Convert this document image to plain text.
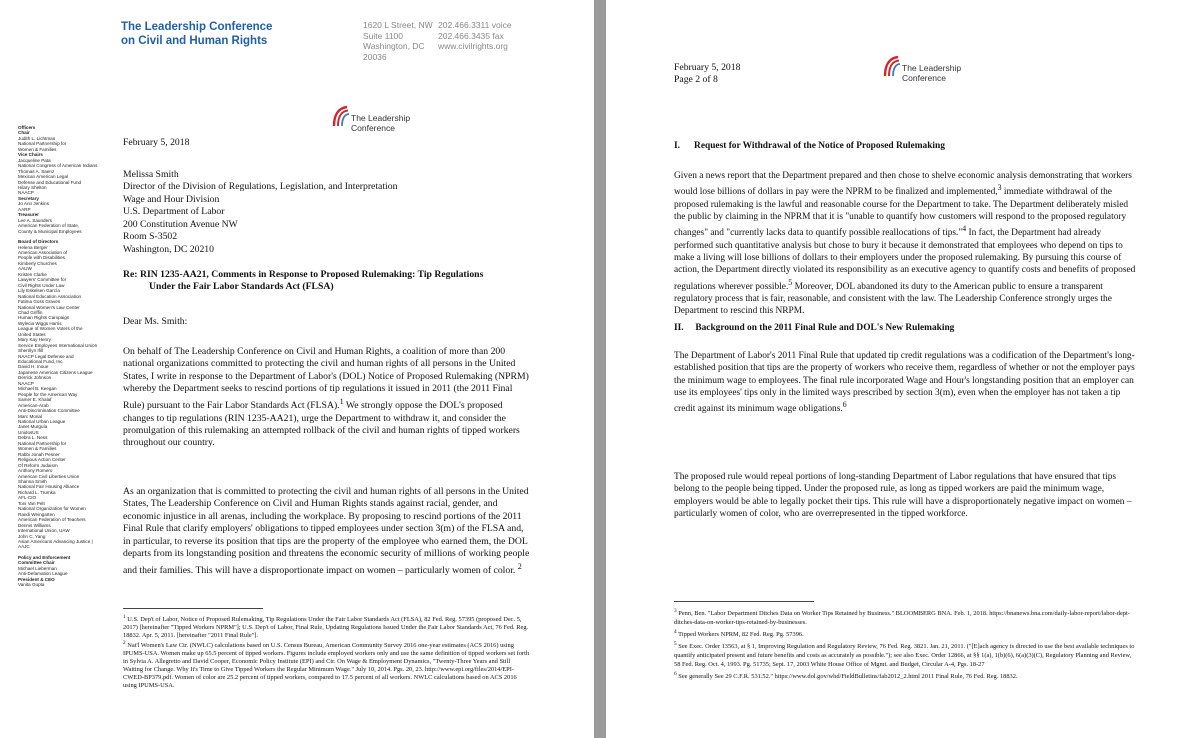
The Leadership Conference
on Civil and Human Rights
1620 L Street, NW
Suite 1100
Washington, DC
20036
202.466.3311 voice
202.466.3435 fax
www.civilrights.org
The Leadership
Conference
Officers
Chair
Judith L. Lichtman
National Partnership for
Women & Families
Vice Chairs
Jacqueline Pata
National Congress of American Indians
Thomas A. Saenz
Mexican American Legal
Defense and Educational Fund
Hilary Shelton
NAACP
Secretary
Jo Ann Jenkins
AARP
Treasurer
Lee A. Saunders
American Federation of State,
County & Municipal Employees
Board of Directors
Helena Berger
American Association of
People with Disabilities
Kimberly Churches
AAUW
Kristen Clarke
Lawyers' Committee for
Civil Rights Under Law
Lily Eskelsen García
National Education Association
Fatima Goss Graves
National Women's Law Center
Chad Griffin
Human Rights Campaign
Wylecia Wiggs Harris
League of Women Voters of the
United States
Mary Kay Henry
Service Employees International Union
Sherrilyn Ifill
NAACP Legal Defense and
Educational Fund, Inc.
David H. Inoue
Japanese American Citizens League
Derrick Johnson
NAACP
Michael B. Keegan
People for the American Way
Samer E. Khalaf
American-Arab
Anti-Discrimination Committee
Marc Morial
National Urban League
Janet Murguía
UnidosUS
Debra L. Ness
National Partnership for
Women & Families
Rabbi Jonah Pesner
Religious Action Center
Of Reform Judaism
Anthony Romero
American Civil Liberties Union
Shanna Smith
National Fair Housing Alliance
Richard L. Trumka
AFL-CIO
Toni Van Pelt
National Organization for Women
Randi Weingarten
American Federation of Teachers
Dennis Williams
International Union, UAW
John C. Yang
Asian Americans Advancing Justice |
AAJC
Policy and Enforcement
Committee Chair
Michael Lieberman
Anti-Defamation League
President & CEO
Vanita Gupta
February 5, 2018
Melissa Smith
Director of the Division of Regulations, Legislation, and Interpretation
Wage and Hour Division
U.S. Department of Labor
200 Constitution Avenue NW
Room S-3502
Washington, DC 20210
Re: RIN 1235-AA21, Comments in Response to Proposed Rulemaking: Tip Regulations
Under the Fair Labor Standards Act (FLSA)
Dear Ms. Smith:

On behalf of The Leadership Conference on Civil and Human Rights, a coalition of more than 200 national organizations committed to protecting the civil and human rights of all persons in the United States, I write in response to the Department of Labor's (DOL) Notice of Proposed Rulemaking (NPRM) whereby the Department seeks to rescind portions of tip regulations it issued in 2011 (the 2011 Final Rule) pursuant to the Fair Labor Standards Act (FLSA).$^1$ We strongly oppose the DOL's proposed changes to tip regulations (RIN 1235-AA21), urge the Department to withdraw it, and consider the promulgation of this rulemaking an attempted rollback of the civil and human rights of tipped workers throughout our country.

As an organization that is committed to protecting the civil and human rights of all persons in the United States, The Leadership Conference on Civil and Human Rights stands against racial, gender, and economic injustice in all arenas, including the workplace. By proposing to rescind portions of the 2011 Final Rule that clarify employers' obligations to tipped employees under section 3(m) of the FLSA and, in particular, to reverse its position that tips are the property of the employee who earned them, the DOL departs from its longstanding position and threatens the economic security of millions of working people and their families. This will have a disproportionate impact on women – particularly women of color. $^2$

$^1$ U.S. Dep't of Labor, Notice of Proposed Rulemaking, Tip Regulations Under the Fair Labor Standards Act (FLSA), 82 Fed. Reg. 57395 (proposed Dec. 5, 2017) [hereinafter "Tipped Workers NPRM"]; U.S. Dep't of Labor, Final Rule, Updating Regulations Issued Under the Fair Labor Standards Act, 76 Fed. Reg. 18832. Apr. 5, 2011. [hereinafter "2011 Final Rule"].

$^2$ Nat'l Women's Law Ctr. (NWLC) calculations based on U.S. Census Bureau, American Community Survey 2016 one-year estimates (ACS 2016) using IPUMS-USA. Women make up 65.5 percent of tipped workers. Figures include employed workers only and use the same definition of tipped workers set forth in Sylvia A. Allegretto and David Cooper, Economic Policy Institute (EPI) and Ctr. On Wage & Employment Dynamics, "Twenty-Three Years and Still Waiting for Change. Why It's Time to Give Tipped Workers the Regular Minimum Wage." July 10, 2014. Pgs. 20, 23. http://www.epi.org/files/2014/EPI-CWED-BP379.pdf. Women of color are 25.2 percent of tipped workers, compared to 17.5 percent of all workers. NWLC calculations based on ACS 2016 using IPUMS-USA.

February 5, 2018
Page 2 of 8
The Leadership
Conference
I.      Request for Withdrawal of the Notice of Proposed Rulemaking

Given a news report that the Department prepared and then chose to shelve economic analysis demonstrating that workers would lose billions of dollars in pay were the NPRM to be finalized and implemented,$^3$ immediate withdrawal of the proposed rulemaking is the lawful and reasonable course for the Department to take. The Department deliberately misled the public by claiming in the NPRM that it is "unable to quantify how customers will respond to the proposed regulatory changes" and "currently lacks data to quantify possible reallocations of tips."$^4$ In fact, the Department had already performed such quantitative analysis but chose to bury it because it demonstrated that employees who depend on tips to make a living will lose billions of dollars to their employers under the proposed rulemaking. By pursuing this course of action, the Department directly violated its responsibility as an executive agency to quantify costs and benefits of proposed regulations wherever possible.$^5$ Moreover, DOL abandoned its duty to the American public to ensure a transparent regulatory process that is fair, reasonable, and consistent with the law. The Leadership Conference strongly urges the Department to rescind this NRPM.

II.     Background on the 2011 Final Rule and DOL's New Rulemaking

The Department of Labor's 2011 Final Rule that updated tip credit regulations was a codification of the Department's long-established position that tips are the property of workers who receive them, regardless of whether or not the employer pays the minimum wage to employees. The final rule incorporated Wage and Hour's longstanding position that an employer can use its employees' tips only in the limited ways prescribed by section 3(m), even when the employer has not taken a tip credit against its minimum wage obligations.$^6$

The proposed rule would repeal portions of long-standing Department of Labor regulations that have ensured that tips belong to the people being tipped. Under the proposed rule, as long as tipped workers are paid the minimum wage, employers would be able to legally pocket their tips. This rule will have a disproportionately negative impact on women – particularly women of color, who are overrepresented in the tipped workforce.

$^3$ Penn, Ben. "Labor Department Ditches Data on Worker Tips Retained by Business." BLOOMBERG BNA. Feb. 1, 2018. https://bnanews.bna.com/daily-labor-report/labor-dept-ditches-data-on-worker-tips-retained-by-businesses.

$^4$ Tipped Workers NPRM, 82 Fed. Reg. Pg. 57396.

$^5$ See Exec. Order 13563, at § 1, Improving Regulation and Regulatory Review, 76 Fed. Reg. 3821. Jan. 21, 2011. ("[E]ach agency is directed to use the best available techniques to quantify anticipated present and future benefits and costs as accurately as possible."); see also Exec. Order 12866, at §§ 1(a), 1(b)(6), 6(a)(3)(C), Regulatory Planning and Review, 58 Fed. Reg. Oct. 4, 1993. Pg. 51735; Sept. 17, 2003 White House Office of Mgmt. and Budget, Circular A-4, Pgs. 18-27

$^6$ See generally See 29 C.F.R. 531.52." https://www.dol.gov/whd/FieldBulletins/fab2012_2.html 2011 Final Rule, 76 Fed. Reg. 18832.
